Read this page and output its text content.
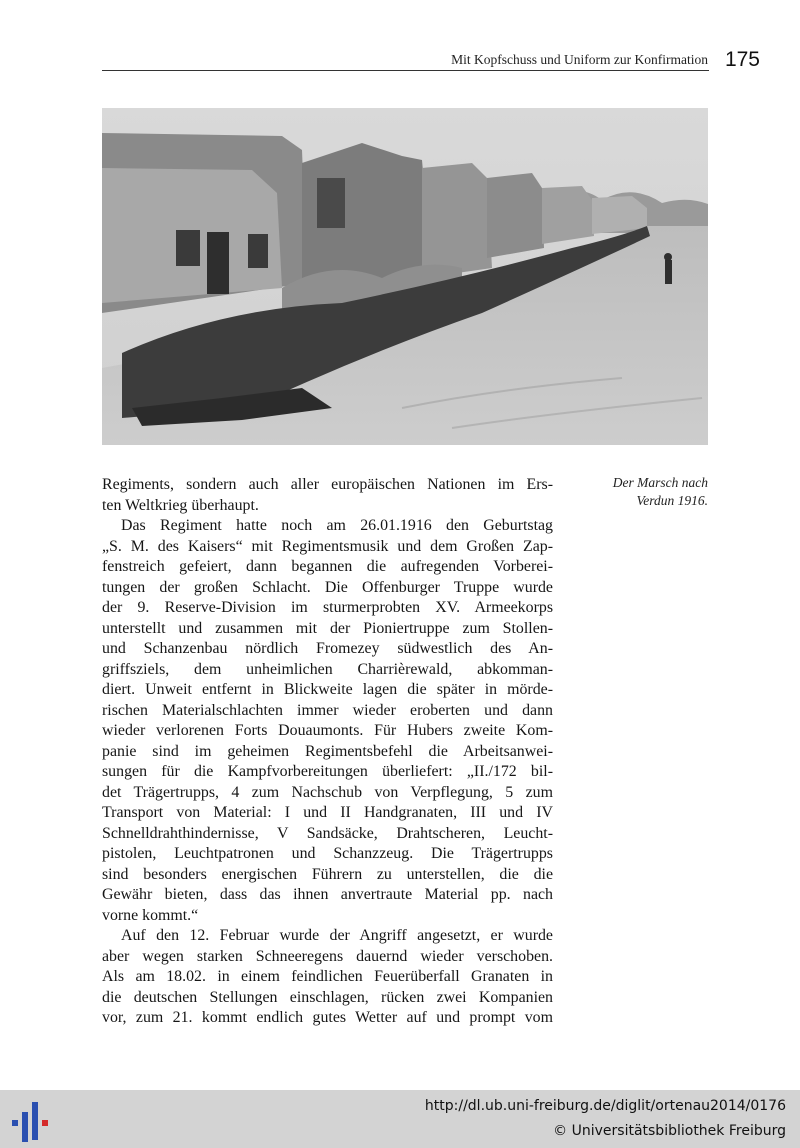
Mit Kopfschuss und Uniform zur Konfirmation 175
Der Marsch nach
Verdun 1916.
Regiments, sondern auch aller europäischen Nationen im Ers-
ten Weltkrieg überhaupt.
Das Regiment hatte noch am 26.01.1916 den Geburtstag
„S. M. des Kaisers“ mit Regimentsmusik und dem Großen Zap-
fenstreich gefeiert, dann begannen die aufregenden Vorberei-
tungen der großen Schlacht. Die Offenburger Truppe wurde
der 9. Reserve-Division im sturmerprobten XV. Armeekorps
unterstellt und zusammen mit der Pioniertruppe zum Stollen-
und Schanzenbau nördlich Fromezey südwestlich des An-
griffsziels, dem unheimlichen Charrièrewald, abkomman-
diert. Unweit entfernt in Blickweite lagen die später in mörde-
rischen Materialschlachten immer wieder eroberten und dann
wieder verlorenen Forts Douaumonts. Für Hubers zweite Kom-
panie sind im geheimen Regimentsbefehl die Arbeitsanwei-
sungen für die Kampfvorbereitungen überliefert: „II./172 bil-
det Trägertrupps, 4 zum Nachschub von Verpflegung, 5 zum
Transport von Material: I und II Handgranaten, III und IV
Schnelldrahthindernisse, V Sandsäcke, Drahtscheren, Leucht-
pistolen, Leuchtpatronen und Schanzzeug. Die Trägertrupps
sind besonders energischen Führern zu unterstellen, die die
Gewähr bieten, dass das ihnen anvertraute Material pp. nach
vorne kommt.“
Auf den 12. Februar wurde der Angriff angesetzt, er wurde
aber wegen starken Schneeregens dauernd wieder verschoben.
Als am 18.02. in einem feindlichen Feuerüberfall Granaten in
die deutschen Stellungen einschlagen, rücken zwei Kompanien
vor, zum 21. kommt endlich gutes Wetter auf und prompt vom
http://dl.ub.uni-freiburg.de/diglit/ortenau2014/0176
© Universitätsbibliothek Freiburg
